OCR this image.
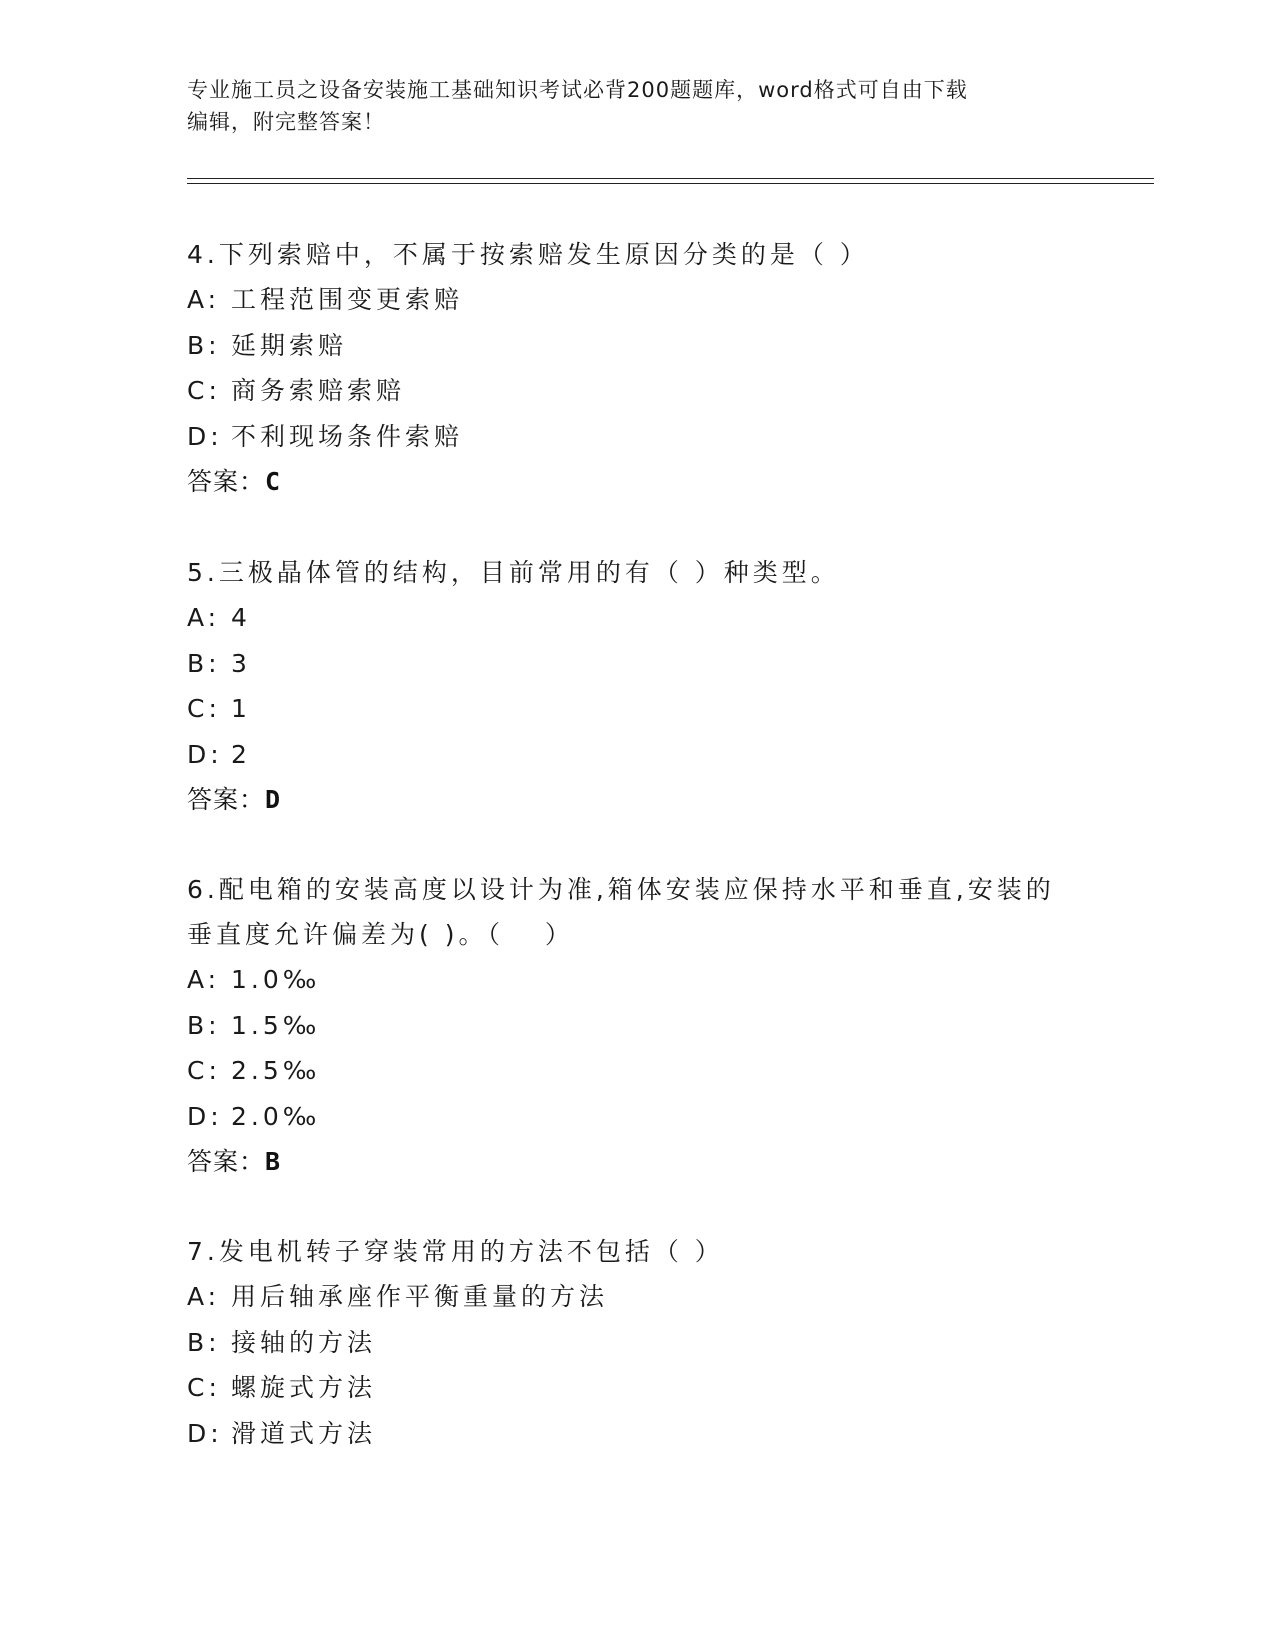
专业施工员之设备安装施工基础知识考试必背200题题库，word格式可自由下载
编辑，附完整答案！
4.下列索赔中，不属于按索赔发生原因分类的是（ ）
A: 工程范围变更索赔
B: 延期索赔
C: 商务索赔索赔
D: 不利现场条件索赔
答案：C
5.三极晶体管的结构，目前常用的有（ ）种类型。
A: 4
B: 3
C: 1
D: 2
答案：D
6.配电箱的安装高度以设计为准,箱体安装应保持水平和垂直,安装的
垂直度允许偏差为( )。（　 ）
A: 1.0‰
B: 1.5‰
C: 2.5‰
D: 2.0‰
答案：B
7.发电机转子穿装常用的方法不包括（ ）
A: 用后轴承座作平衡重量的方法
B: 接轴的方法
C: 螺旋式方法
D: 滑道式方法
